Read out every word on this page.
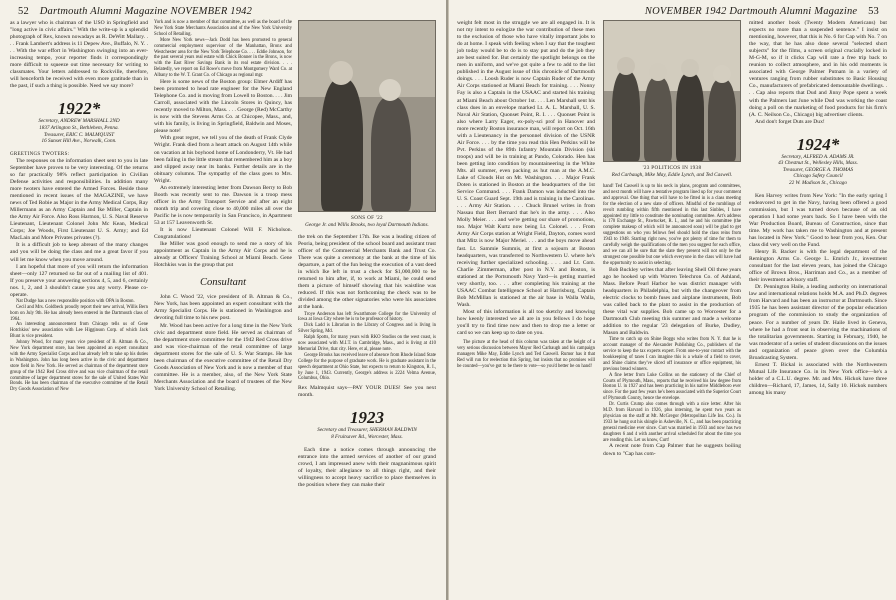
52 Dartmouth Alumni Magazine NOVEMBER 1942

as a lawyer who is chairman of the USO in Springfield and "long active in civic affairs." With the write-up is a splendid photograph of Rex, known nowadays as R. DeWitt Mallary. . . . Frank Lambert's address is 11 Depew Ave., Buffalo, N. Y. . . . With the war effort in Washington swinging into an ever-increasing tempo, your reporter finds it correspondingly more difficult to squeeze out time necessary for writing to classmates. Your letters addressed to Rockville, therefore, will henceforth be received with even more gratitude than in the past, if such a thing is possible. Need we say more?

1922*
Secretary, ANDREW MARSHALL 2ND
1837 Arlington St., Bethlehem, Penna.
Treasurer, ERIC C. MALMQUIST
16 Sunset Hill Ave., Norwalk, Conn.

GREETINGS TWOTERS:

The responses on the information sheet sent to you in late September have proven to be very interesting. Of the returns so far practically 98% reflect participation in Civilian Defense activities and responsibilities. In addition many more twoters have entered the Armed Forces. Beside those mentioned in recent issues of the MAGAZINE, we have news of Ted Robie as Major in the Army Medical Corps, Ray Millermann as an Army Captain and Ike Miller, Captain in the Army Air Force. Also Ross Harmon, U. S. Naval Reserve Lieutenant, Lieutenant Colonel John Mc Kean, Medical Corps; Joe Woods, First Lieutenant U. S. Army; and Ed MacLain and More Privates privates (?).

It is a difficult job to keep abreast of the many changes and you will be doing the class and me a great favor if you will let me know when you move around.

I am hopeful that more of you will return the information sheet—only 127 returned so far out of a mailing list of 401. If you preserve your answering sections 4, 5, and 6, certainly nos. 1, 2, and 3 shouldn't cause you any worry. Please co-operate.

Nat Dudge has a new responsible position with OPA in Boston.

Cecil and Mrs. Goldbeck proudly report their new arrival, Willis Bern born on July 9th. He has already been entered in the Dartmouth class of 1964.

An interesting announcement from Chicago tells us of Gene Hotchkiss' new association with Lee Higginson Corp. of which Jack Blunt is vice president.

Johnny Wood, for many years vice president of B. Altman & Co., New York department store, has been appointed an expert consultant with the Army Specialist Corps and has already left to take up his duties in Washington. John has long been active in the civic and department store field in New York. He served as chairman of the department store group of the 1942 Red Cross drive and was vice chairman of the retail committee of larger department stores for the sale of United States War Bonds. He has been chairman of the executive committee of the Retail Dry Goods Association of New

York and is now a member of that committee, as well as the board of the New York State Merchants Association and of the New York University School of Retailing.

More New York news—Jack Dodd has been promoted to general commercial employment supervisor of the Manhattan, Bronx and Westchester area for the New York Telephone Co. . . . Eddie Johnson, for the past several years real estate with Chick Bonner in the Bronx, is now with the East River Savings Bank in its real estate division. . . . Belatedly, we report on Ed Rowe's move from Montgomery Ward Co. at Albany to the W. T. Grant Co. of Chicago as regional mgr.

Here is some news of the Boston group: Elmer Ardiff has been promoted to head rate engineer for the New England Telephone Co. and is moving from Lowell to Boston. . . . Jim Carroll, associated with the Lincoln Stores in Quincy, has recently moved to Milton, Mass. . . . George (Red) McCarthy is now with the Stevens Arms Co. at Chicopee, Mass., and, with his family, is living in Springfield, Baldwin and Moses, please note!

With great regret, we tell you of the death of Frank Clyde Wright. Frank died from a heart attack on August 14th while on vacation at his boyhood home of Londonderry, Vt. He had been failing in the little stream that remembered him as a boy and slipped away near its banks. Further details are in the obituary columns. The sympathy of the class goes to Mrs. Wright.

An extremely interesting letter from Dawson Berry to Bob Booth was recently sent to me. Dawson is a troop mess officer in the Army Transport Service and after an eight month trip and covering close to 40,000 miles all over the Pacific he is now temporarily in San Francisco, in Apartment 53 at 157 Leavenworth St.

It is now Lieutenant Colonel Will F. Nicholson. Congratulations!

Ike Miller was good enough to send me a story of his appointment as Captain in the Army Air Corps and he is already at Officers' Training School at Miami Beach. Gene Hotchkiss was in the group that put

Consultant

John C. Wood '22, vice president of B. Altman & Co., New York, has been appointed an expert consultant with the Army Specialist Corps. He is stationed in Washington and devoting full time to his new post.

Mr. Wood has been active for a long time in the New York civic and department store field. He served as chairman of the department store committee for the 1942 Red Cross drive and was vice-chairman of the retail committee of large department stores for the sale of U. S. War Stamps. He has been chairman of the executive committee of the Retail Dry Goods Association of New York and is now a member of that committee. He is a member, also, of the New York State Merchants Association and the board of trustees of the New York University School of Retailing.

SONS OF '22
George Jr. and Willis Brooks, two loyal Dartmouth Indians.

the trek on the September 17th. Ike was a leading citizen of Peoria, being president of the school board and assistant trust officer of the Commercial Merchants Bank and Trust Co. There was quite a ceremony at the bank at the time of his departure, a part of the fun being the execution of a vast deed in which Ike left in trust a check for $1,000,000 to be returned to him after, if, to work at Miami, he could send them a picture of himself showing that his waistline was reduced. If this was not forthcoming the check was to be divided among the other signatories who were his associates at the bank.

Troye Anderson has left Swarthmore College for the University of Iowa at Iowa City where he is to be professor of history.

Dick Ladd is Librarian in the Library of Congress and is living in Silver Spring, Md.

Ralph Spotts, for many years with RKO Studios on the west coast, is now associated with M.I.T. in Cambridge, Mass., and is living at 410 Memorial Drive, that city. Here, et al, please note.

George Brooks has received leave of absence from Rhode Island State College for the purpose of graduate work. He is graduate assistant in the speech department at Ohio State, but expects to return to Kingston, R. I., by June 1, 1943. Currently, George's address is 2224 Velma Avenue, Columbus, Ohio.

Rex Malmquist says—PAY YOUR DUES! See you next month.

1923
Secretary and Treasurer, SHERMAN BALDWIN
8 Fruitsaver Rd., Worcester, Mass.

Each time a notice comes through announcing the entrance into the armed services of another of our grand crowd, I am impressed anew with their magnanimous spirit of loyalty, their allegiance to all things right, and their willingness to accept heavy sacrifice to place themselves in the position where they can make their

NOVEMBER 1942 Dartmouth Alumni Magazine 53

weight felt most in the struggle we are all engaged in. It is not my intent to eulogize the war contribution of these men to the exclusion of those who have vitally important jobs to do at home. I speak with feeling when I say that the toughest job today would be to do is to stay put and do the job they are best suited for. But certainly the spotlight belongs on the men in uniform, and we've got quite a few to add to the list published in the August issue of this chronicle of Dartmouth doings. . . . Loosh Ruder is now Captain Ruder of the Army Air Corps stationed at Miami Beach for training. . . . Nonny Fay is also a Captain in the USAAC and started his training at Miami Beach about October 1st. . . . Len Marshall sent his class dues in an envelope marked Lt. A. L. Marshall, U. S. Naval Air Station, Quonset Point, R. I. . . . Quonset Point is also where Larry Eager, ex-poly-sci prof in Hanover and more recently Boston insurance man, will report on Oct. 16th with a Lieutenancy in the personnel division of the USNR Air Force. . . . by the time you read this Hen Perkins will be Pvt. Perkins of the 89th Infantry Mountain Division (ski troops) and will be in training at Pando, Colorado. Hen has been getting into condition by mountaineering in the White Mts. all summer, even packing as hut man at the A.M.C. Lake of Clouds Hut on Mt. Washington. . . . Major Frank Doten is stationed in Boston at the headquarters of the 1st Service Command. . . . Frank Damon was inducted into the U. S. Coast Guard Sept. 19th and is training in the Carolinas. . . . Army Air Station. . . . Chuck Brunel writes in from Nassau that Bert Bernard that he's in the army. . . . Also Molly Meier. . . . and we're getting our share of promotions, too. Major Walt Kurtz now being Lt. Colonel. . . . From Army Air Corps station at Wright Field, Dayton, comes word that Mitz is now Major Meriel. . . . and the boys move ahead fast. Lt. Sammie Summis, at first a sojourn at Boston headquarters, was transferred to Northwestern U. where he's receiving further specialized schooling. . . . and Lt. Com. Charlie Zimmerman, after post in N.Y. and Boston, is stationed at the Portsmouth Navy Yard—is getting married very shortly, too. . . . after completing his training at the USAAC Combat Intelligence School at Harrisburg, Captain Bob McMillan is stationed at the air base in Walla Walla, Wash.

Most of this information is all too sketchy and knowing how keenly interested we all are in you fellows I do hope you'll try to find time now and then to drop me a letter or card so we can keep up to date on you.

The picture at the head of this column was taken at the height of a very serious discussion between Mayor Red Carbaugh and his campaign managers Mike May, Eddie Lynch and Ted Caswell. Rumor has it that Red will run for reelection this Spring, but insists that no promises will be counted—you've got to be there to vote—so you'd better be on hand!

'23 POLITICOS IN 1938
Red Carbaugh, Mike May, Eddie Lynch, and Ted Caswell.

hand! Ted Caswell is up to his neck in plans, program and committees, and next month will have a tentative program lined up for your comment and approval. One thing that will have to be fitted in is a class meeting for the election of a new slate of officers. Mindful of the rumblings of revolt rumbling within fifth mentioned in this last Sinbles, I have appointed my little to constitute the nominating committee. Art's address is 170 Exchange St., Pawtucket, R. I., and he and his committee (the complete makeup of which will be announced soon) will be glad to get suggestions on who you fellows feel should hold the class reins from 1943 to 1948. Starting right now, you've got plenty of time for them to carefully weigh the qualifications of the men you suggest for each office, and we can all be sure that the slate they present will not only be the strongest one possible but one which everyone in the class will have had the opportunity to assist in selecting.

Bob Buckley writes that after leaving Shell Oil three years ago he hooked up with Warren Telechron Co. of Ashland, Mass. Before Pearl Harbor he was district manager with headquarters in Philadelphia, but with the changeover from electric clocks to bomb fuses and airplane instruments, Bob was called back to the plant to assist in the production of these vital war supplies. Bob came up to Worcester for a Dartmouth Club meeting this summer and made a welcome addition to the regular '23 delegation of Burke, Dudley, Mason and Baldwin.

Time to catch up on Shine Boggs who writes from N. Y. that he is account manager of the Alexander Publishing Co., publishers of the service to keep the tax experts expert. From one-to-year contact with the bookkeeping of taxes I can imagine this is a whale of a field to cover, and Shine claims they've sliced off insurance or office equipment, his previous bread winners.

A fine letter from Luke Collins on the stationery of the Chief of Courts of Plymouth, Mass., reports that he received his law degree from Boston U. in 1927 and has been practicing in his native Middleboro ever since. For the past few years he's been associated with the Superior Court of Plymouth County, hence the envelope.

Dr. Curtis Crump also comes through with a nice letter. After his M.D. from Harvard in 1926, plus interning, he spent two years as physician on the staff at Mt. McGregor (Metropolitan Life Ins. Co.). In 1933 he hung out his shingle in Asheville, N. C., and has been practicing general medicine ever since. Curt was married in 1933 and now has two daughters 6 and 4 with another arrival scheduled for about the time you are reading this. Let us know, Curt!

A recent note from Cap Palmer that he suggests boiling down to "Cap has com-

mitted another book (Twenty Modern Americans) but expects no more than a suspended sentence." I insist on mentioning, however, that this is No. 6 for Cap with No. 7 on the way, that he has also done several "selected short subjects" for the films, a screen original crucially locked in M-G-M, so if it clicks Cap will rate a free trip back to reunion to collect atmosphere, and in his odd moments is associated with George Palmer Putnam in a variety of ventures ranging from rubber substitutes to Basic Housing Co., manufacturers of prefabricated demountable dwellings. . . . Cap also reports that Dud and Jinny Pope spent a week with the Palmers last June while Dud was working the coast doing a poll on the marketing of food products for his firm's (A. C. Neilson Co., Chicago) big advertiser clients.

And don't forget Duts are Dux!

1924*
Secretary, ALFRED A. ADAMS JR.
43 Chestnut St., Wellesley Hills, Mass.
Treasurer, GEORGE A. THOMAS
Chicago Safety Council
22 W. Madison St., Chicago

Ken Harvey writes from New York: "In the early spring I endeavored to get in the Navy, having been offered a good commission, but I was turned down because of an old operation I had some years back. So I have been with the War Production Board, Bureau of Construction, since that time. My work has taken me to Washington and at present has located in New York." Good to hear from you, Ken. Our class did very well on the Fund.

Henry B. Backer is with the legal department of the Remington Arms Co. George L. Emrich Jr., investment consultant for the last eleven years, has joined the Chicago office of Brown Bros., Harriman and Co., as a member of their investment advisory staff.

Dr. Pennington Haile, a leading authority on international law and international relations holds M.A. and Ph.D. degrees from Harvard and has been an instructor at Dartmouth. Since 1935 he has been assistant director of the popular education program of the commission to study the organization of peace. For a number of years Dr. Haile lived in Geneva, where he had a front seat in observing the machinations of the totalitarian governments. Starting in February, 1940, he was moderator of a series of student discussions on the issues and organization of peace given over the Columbia Broadcasting System.

Ernest T. Bickal is associated with the Northwestern Mutual Life Insurance Co. in its New York office—he's a holder of a C.L.U. degree. Mr. and Mrs. Hickok have three children—Richard, 17, James, 14, Sally 10. Hickok numbers among his many
